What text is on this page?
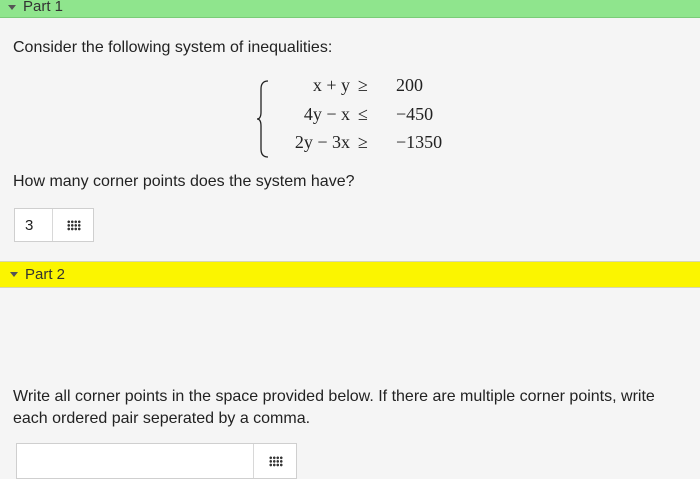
Part 1
Consider the following system of inequalities:
x + y ≥ 200
4y − x ≤ −450
2y − 3x ≥ −1350
How many corner points does the system have?
3
Part 2
Write all corner points in the space provided below. If there are multiple corner points, write each ordered pair seperated by a comma.
